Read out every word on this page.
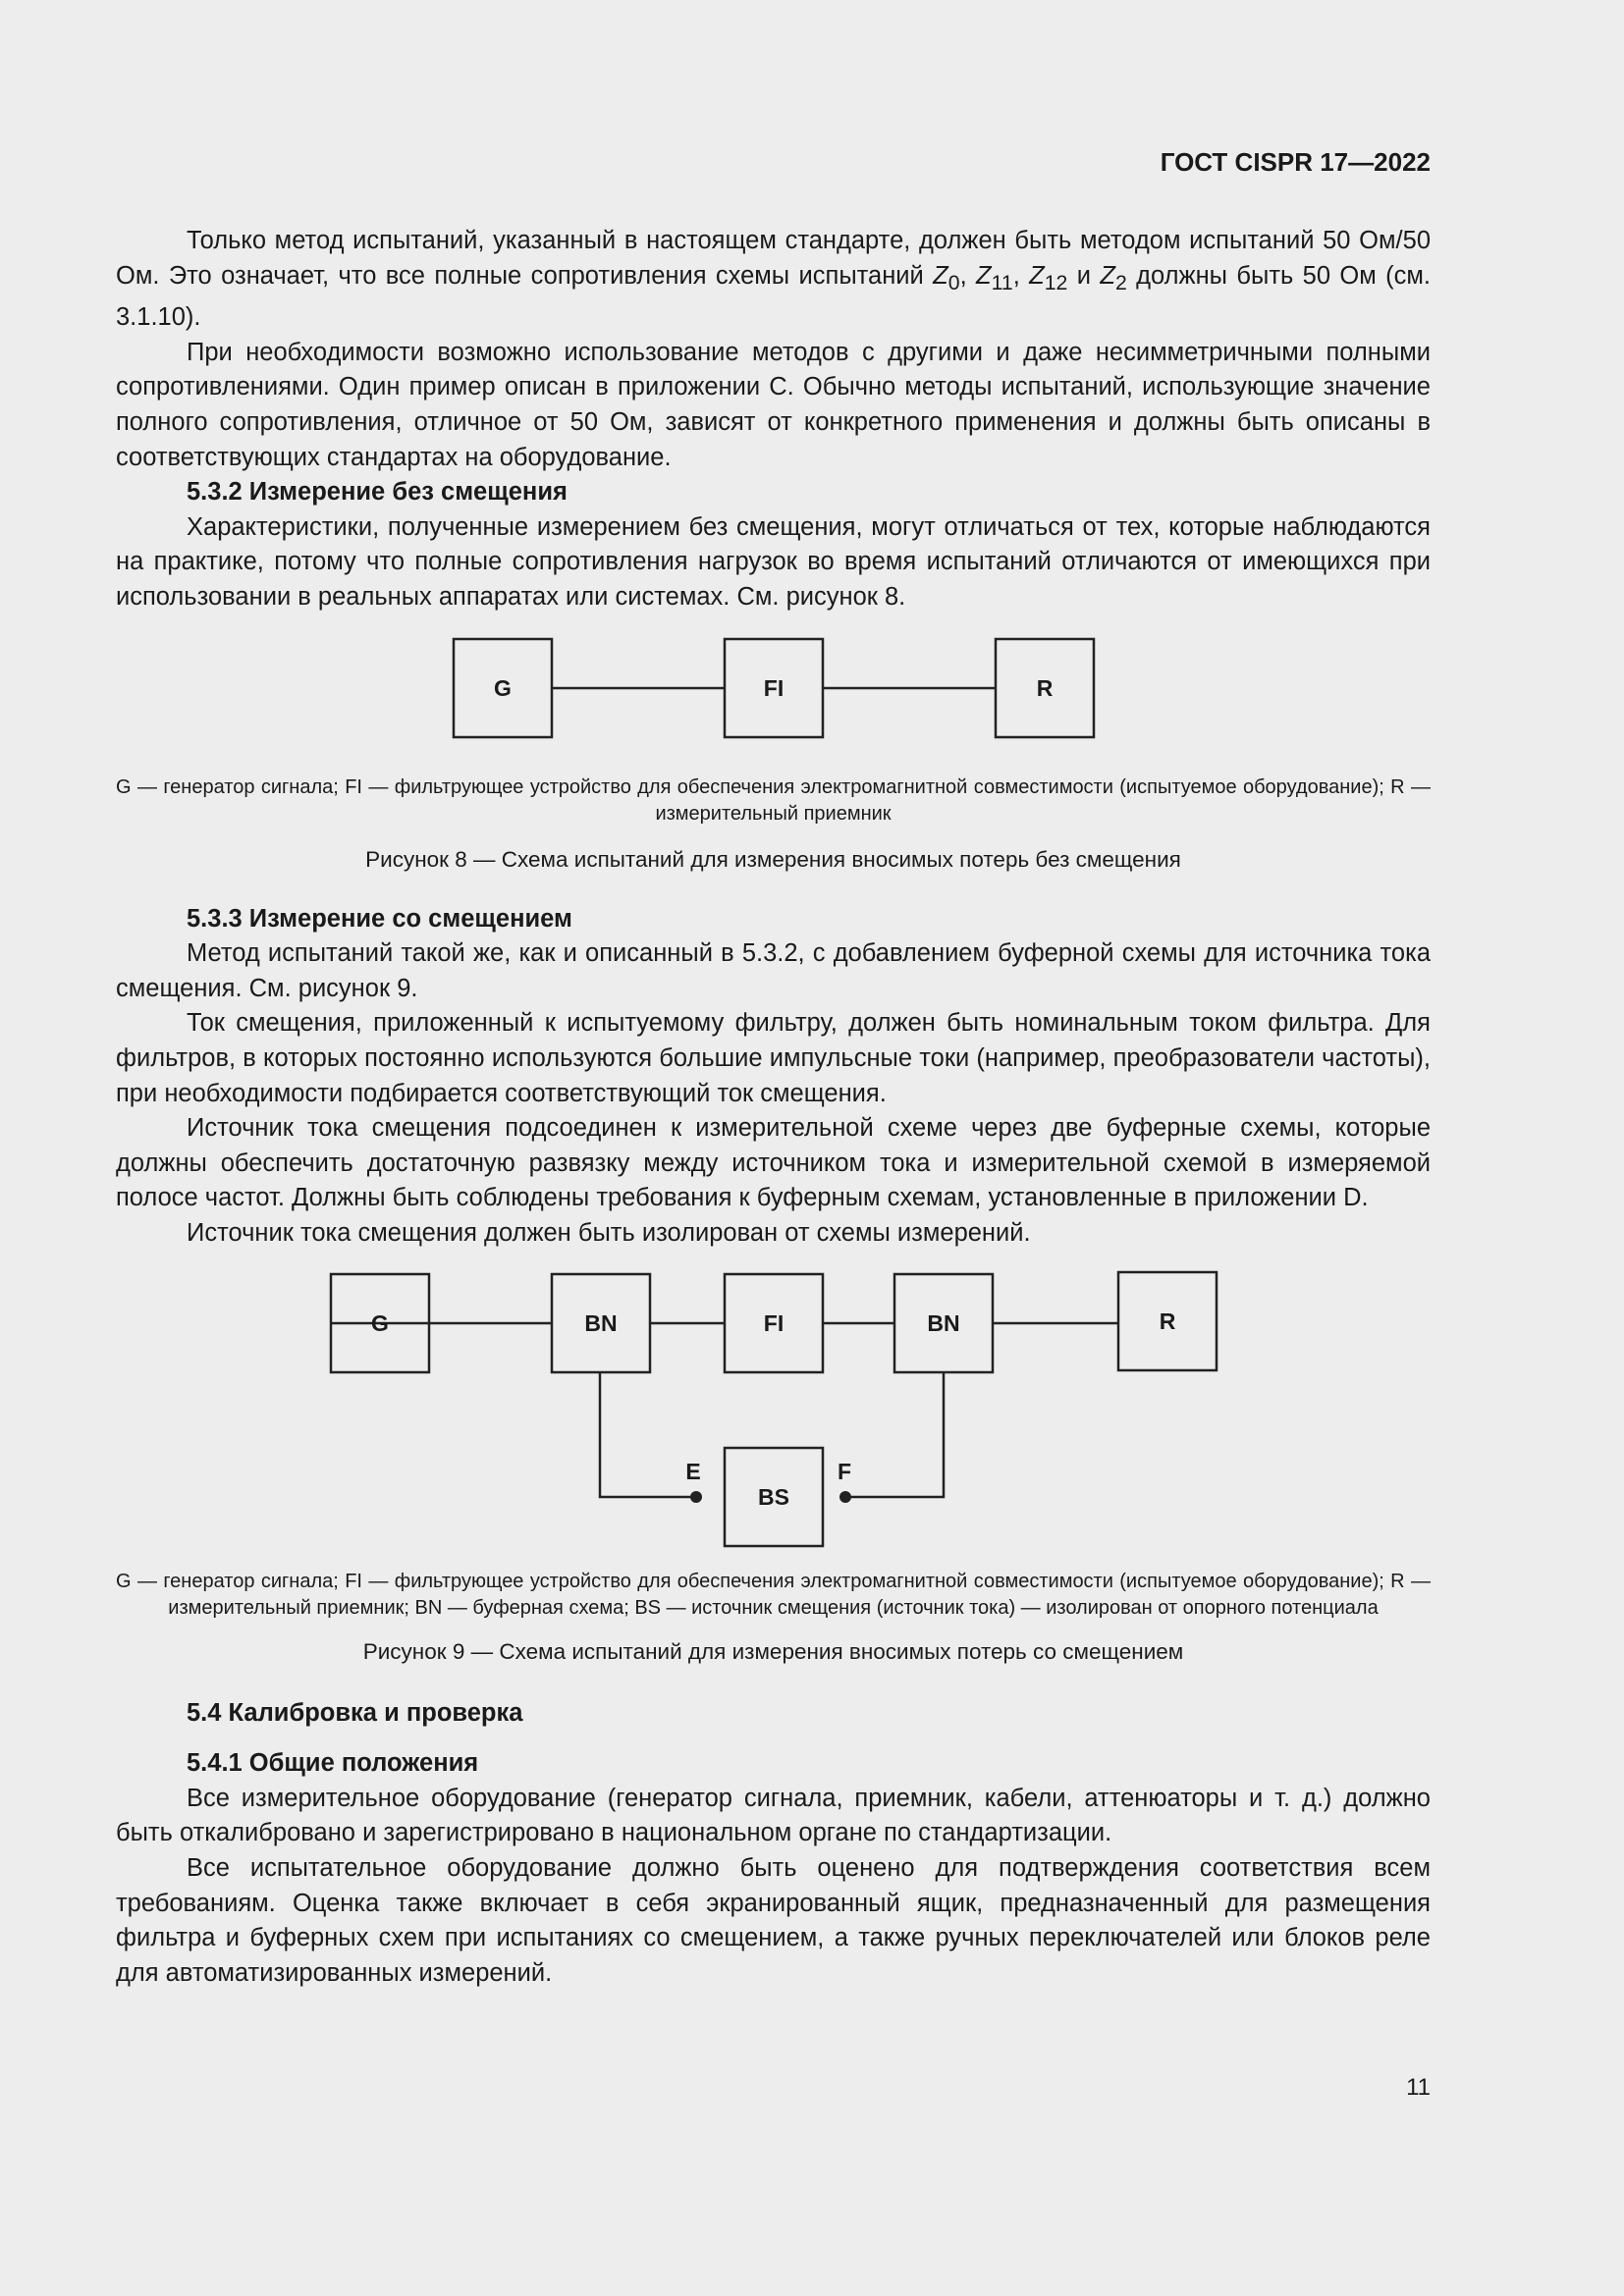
ГОСТ CISPR 17—2022

Только метод испытаний, указанный в настоящем стандарте, должен быть методом испытаний 50 Ом/50 Ом. Это означает, что все полные сопротивления схемы испытаний $Z_0$, $Z_{11}$, $Z_{12}$ и $Z_2$ должны быть 50 Ом (см. 3.1.10).

При необходимости возможно использование методов с другими и даже несимметричными полными сопротивлениями. Один пример описан в приложении С. Обычно методы испытаний, использующие значение полного сопротивления, отличное от 50 Ом, зависят от конкретного применения и должны быть описаны в соответствующих стандартах на оборудование.

5.3.2 Измерение без смещения

Характеристики, полученные измерением без смещения, могут отличаться от тех, которые наблюдаются на практике, потому что полные сопротивления нагрузок во время испытаний отличаются от имеющихся при использовании в реальных аппаратах или системах. См. рисунок 8.

G	FI	R

G — генератор сигнала; FI — фильтрующее устройство для обеспечения электромагнитной совместимости (испытуемое оборудование); R — измерительный приемник

Рисунок 8 — Схема испытаний для измерения вносимых потерь без смещения

5.3.3 Измерение со смещением

Метод испытаний такой же, как и описанный в 5.3.2, с добавлением буферной схемы для источника тока смещения. См. рисунок 9.

Ток смещения, приложенный к испытуемому фильтру, должен быть номинальным током фильтра. Для фильтров, в которых постоянно используются большие импульсные токи (например, преобразователи частоты), при необходимости подбирается соответствующий ток смещения.

Источник тока смещения подсоединен к измерительной схеме через две буферные схемы, которые должны обеспечить достаточную развязку между источником тока и измерительной схемой в измеряемой полосе частот. Должны быть соблюдены требования к буферным схемам, установленные в приложении D.

Источник тока смещения должен быть изолирован от схемы измерений.

G	BN	FI	BN	R
BS
E	F

G — генератор сигнала; FI — фильтрующее устройство для обеспечения электромагнитной совместимости (испытуемое оборудование); R — измерительный приемник; BN — буферная схема; BS — источник смещения (источник тока) — изолирован от опорного потенциала

Рисунок 9 — Схема испытаний для измерения вносимых потерь со смещением

5.4 Калибровка и проверка

5.4.1 Общие положения

Все измерительное оборудование (генератор сигнала, приемник, кабели, аттенюаторы и т. д.) должно быть откалибровано и зарегистрировано в национальном органе по стандартизации.

Все испытательное оборудование должно быть оценено для подтверждения соответствия всем требованиям. Оценка также включает в себя экранированный ящик, предназначенный для размещения фильтра и буферных схем при испытаниях со смещением, а также ручных переключателей или блоков реле для автоматизированных измерений.

11
